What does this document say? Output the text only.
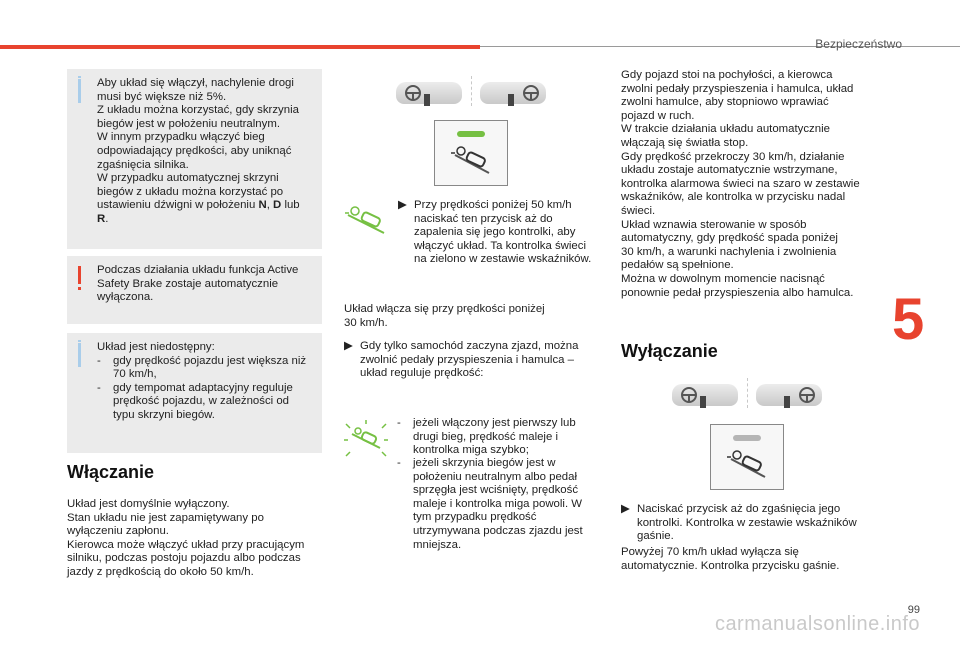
Bezpieczeństwo
5
Aby układ się włączył, nachylenie drogi
musi być większe niż 5%.
Z układu można korzystać, gdy skrzynia
biegów jest w położeniu neutralnym.
W innym przypadku włączyć bieg
odpowiadający prędkości, aby uniknąć
zgaśnięcia silnika.
W przypadku automatycznej skrzyni
biegów z układu można korzystać po
ustawieniu dźwigni w położeniu N, D lub R.
Podczas działania układu funkcja Active
Safety Brake zostaje automatycznie
wyłączona.
Układ jest niedostępny:
- gdy prędkość pojazdu jest większa niż 70 km/h,
- gdy tempomat adaptacyjny reguluje prędkość pojazdu, w zależności od typu skrzyni biegów.
Włączanie
Układ jest domyślnie wyłączony.
Stan układu nie jest zapamiętywany po
wyłączeniu zapłonu.
Kierowca może włączyć układ przy pracującym
silniku, podczas postoju pojazdu albo podczas
jazdy z prędkością do około 50 km/h.
▶ Przy prędkości poniżej 50 km/h naciskać ten przycisk aż do zapalenia się jego kontrolki, aby włączyć układ. Ta kontrolka świeci na zielono w zestawie wskaźników.
Układ włącza się przy prędkości poniżej
30 km/h.
▶ Gdy tylko samochód zaczyna zjazd, można zwolnić pedały przyspieszenia i hamulca – układ reguluje prędkość:
- jeżeli włączony jest pierwszy lub drugi bieg, prędkość maleje i kontrolka miga szybko;
- jeżeli skrzynia biegów jest w położeniu neutralnym albo pedał sprzęgła jest wciśnięty, prędkość maleje i kontrolka miga powoli. W tym przypadku prędkość utrzymywana podczas zjazdu jest mniejsza.
Gdy pojazd stoi na pochyłości, a kierowca
zwolni pedały przyspieszenia i hamulca, układ
zwolni hamulce, aby stopniowo wprawiać
pojazd w ruch.
W trakcie działania układu automatycznie
włączają się światła stop.
Gdy prędkość przekroczy 30 km/h, działanie
układu zostaje automatycznie wstrzymane,
kontrolka alarmowa świeci na szaro w zestawie
wskaźników, ale kontrolka w przycisku nadal
świeci.
Układ wznawia sterowanie w sposób
automatyczny, gdy prędkość spada poniżej
30 km/h, a warunki nachylenia i zwolnienia
pedałów są spełnione.
Można w dowolnym momencie nacisnąć
ponownie pedał przyspieszenia albo hamulca.
Wyłączanie
▶ Naciskać przycisk aż do zgaśnięcia jego kontrolki. Kontrolka w zestawie wskaźników gaśnie.
Powyżej 70 km/h układ wyłącza się
automatycznie. Kontrolka przycisku gaśnie.
99
carmanualsonline.info
